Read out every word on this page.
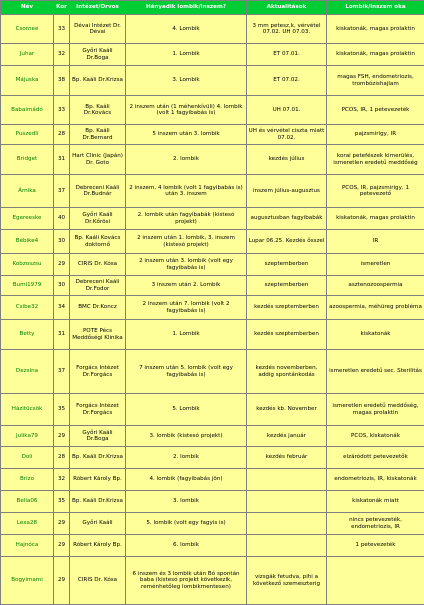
Név	Kor	Intézet/Orvos	Hányadik lombik/inszem?	Aktualitások	Lombik/inszem oka
Csornee	33	Dévai Intézet Dr. Dévai	4. Lombik	3 mm petesz,k, vérvétel 07.02. UH 07.03.	kiskatonák, magas prolaktin
Juhar	32	Győri Kaáli Dr.Boga	1. Lombik	ET 07.01.	kiskatonák, magas prolaktin
Májuska	38	Bp. Kaáli Dr.Krizsa	3. Lombik	ET 07.02.	magas FSH, endometriozis, trombózishajlam
Babaimádó	33	Bp. Kaáli Dr.Kovács	2 inszem után (1 méhenkívüli) 4. lombik (volt 1 fagyibabás is)	UH 07.01.	PCOS, IR, 1 petevezeték
Puszedli	28	Bp. Kaáli Dr.Bernard	5 inszem után 3. lombik	UH és vérvétel ciszta miatt 07.02.	pajzsmirigy, IR
Bridget	31	Hart Clinic (Japán) Dr. Goto	2. lombik	kezdés július	korai petefészek kimerülés, ismeretlen eredetű meddőség
Árnika	37	Debreceni Kaáli Dr.Budnár	2 inszem, 4 lombik (volt 1 fagyibabás is) után 3. inszem	inszem július-augusztus	PCOS, IR, pajzsmirigy, 1 petevezető
Egereeske	40	Győri Kaáli Dr.Kőrösi	2. lombik után fagyibabák (kistesó projekt)	augusztusban fagyibabák	kiskatonák, magas prolaktin
Bébike4	30	Bp. Kaáli Kovács doktornő	2 inszem után 1. lombik, 3. inszem (kistesó projekt)	Lupar 06.25. Kezdés ősszel	IR
Kobzoszsu	29	CIRIS Dr. Kósa	2 inszem után 3. lombik (volt egy fagyibabás is)	szeptemberben	ismeretlen
Bumi1979	30	Debreceni Kaáli Dr.Fodor	3 inszem után 2. Lombik	szeptemberben	asztenozoospermia
Csibe32	34	BMC Dr.Koncz	2 inszem után 7. lombik (volt 2 fagyibabás is)	kezdés szeptemberben	azoospermia, méhüreg probléma
Betty	31	POTE Pécs Meddőségi Klinika	1. Lombik	kezdés szeptemberben	kiskatonák
Dezsina	37	Forgács Intézet Dr.Forgács	7 inszem után 5. lombik (volt egy fagyibabás is)	kezdés novemberben, addig spontánkodás	ismeretlen eredetű sec. Sterilitás
Házitücsök	35	Forgács Intézet Dr.Forgács	5. Lombik	kezdés kb. November	ismeretlen eredetű meddőség, magas prolaktin
Julika79	29	Győri Kaáli Dr.Boga	3. lombik (kistesó projekt)	kezdés január	PCOS, kiskatonák
Doli	28	Bp. Kaáli Dr.Krizsa	2. lombik	kezdés február	elzáródott petevezetők
Brizo	32	Róbert Károly Bp.	4. lombik (fagyibabás jön)		endometriozis, IR, kiskatonák
Bella06	35	Bp. Kaáli Dr.Krizsa	3. lombik		kiskatonák miatt
Lexa28	29	Győri Kaáli	5. lombik (volt egy fagyis is)		nincs petevezeték, endometriozis, IR
Hajnóca	29	Róbert Károly Bp.	6. lombik		1 petevezeték
Bogyimami	29	CIRIS Dr. Kósa	6 inszem és 3 lombik után Bó spontán baba (kistesó projekt következik, reménhetőleg lombikmentesen)	vizsgák fetudva, pihi a következő szemeszterig	
